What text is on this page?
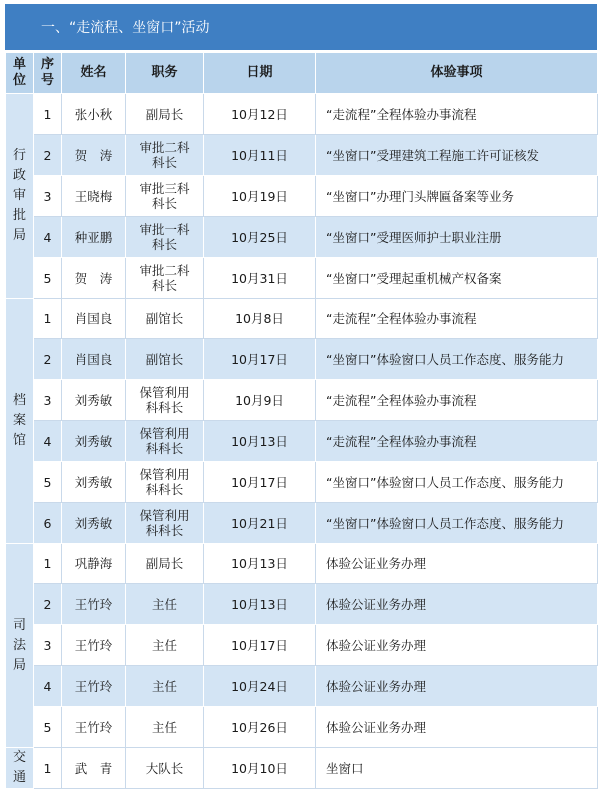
一、“走流程、坐窗口”活动
单位	序号	姓名	职务	日期	体验事项
行政审批局	1	张小秋	副局长	10月12日	“走流程”全程体验办事流程
	2	贺　涛	审批二科科长	10月11日	“坐窗口”受理建筑工程施工许可证核发
	3	王晓梅	审批三科科长	10月19日	“坐窗口”办理门头牌匾备案等业务
	4	种亚鹏	审批一科科长	10月25日	“坐窗口”受理医师护士职业注册
	5	贺　涛	审批二科科长	10月31日	“坐窗口”受理起重机械产权备案
档案馆	1	肖国良	副馆长	10月8日	“走流程”全程体验办事流程
	2	肖国良	副馆长	10月17日	“坐窗口”体验窗口人员工作态度、服务能力
	3	刘秀敏	保管利用科科长	10月9日	“走流程”全程体验办事流程
	4	刘秀敏	保管利用科科长	10月13日	“走流程”全程体验办事流程
	5	刘秀敏	保管利用科科长	10月17日	“坐窗口”体验窗口人员工作态度、服务能力
	6	刘秀敏	保管利用科科长	10月21日	“坐窗口”体验窗口人员工作态度、服务能力
司法局	1	巩静海	副局长	10月13日	体验公证业务办理
	2	王竹玲	主任	10月13日	体验公证业务办理
	3	王竹玲	主任	10月17日	体验公证业务办理
	4	王竹玲	主任	10月24日	体验公证业务办理
	5	王竹玲	主任	10月26日	体验公证业务办理
交通	1	武　青	大队长	10月10日	坐窗口
